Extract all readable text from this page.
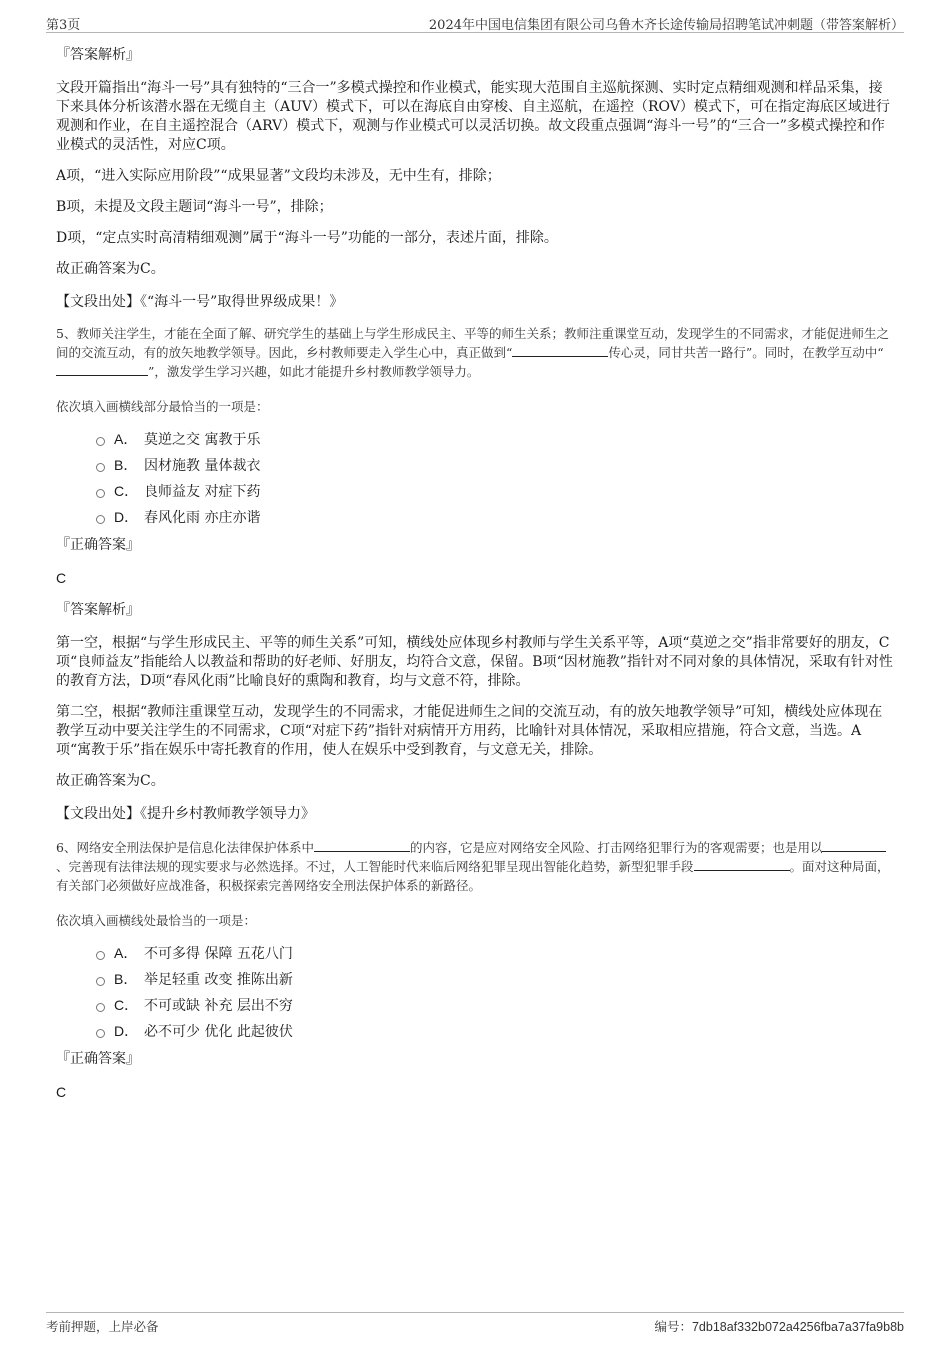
第3页	2024年中国电信集团有限公司乌鲁木齐长途传输局招聘笔试冲刺题（带答案解析）

『答案解析』

文段开篇指出“海斗一号”具有独特的“三合一”多模式操控和作业模式，能实现大范围自主巡航探测、实时定点精细观测和样品采集，接下来具体分析该潜水器在无缆自主（AUV）模式下，可以在海底自由穿梭、自主巡航，在遥控（ROV）模式下，可在指定海底区域进行观测和作业，在自主遥控混合（ARV）模式下，观测与作业模式可以灵活切换。故文段重点强调“海斗一号”的“三合一”多模式操控和作业模式的灵活性，对应C项。

A项，“进入实际应用阶段”“成果显著”文段均未涉及，无中生有，排除；

B项，未提及文段主题词“海斗一号”，排除；

D项，“定点实时高清精细观测”属于“海斗一号”功能的一部分，表述片面，排除。

故正确答案为C。

【文段出处】《“海斗一号”取得世界级成果！》

5、教师关注学生，才能在全面了解、研究学生的基础上与学生形成民主、平等的师生关系；教师注重课堂互动，发现学生的不同需求，才能促进师生之间的交流互动，有的放矢地教学领导。因此，乡村教师要走入学生心中，真正做到“	传心灵，同甘共苦一路行”。同时，在教学互动中“”，激发学生学习兴趣，如此才能提升乡村教师教学领导力。

依次填入画横线部分最恰当的一项是：

A． 莫逆之交 寓教于乐
B． 因材施教 量体裁衣
C． 良师益友 对症下药
D． 春风化雨 亦庄亦谐

『正确答案』

C

『答案解析』

第一空，根据“与学生形成民主、平等的师生关系”可知，横线处应体现乡村教师与学生关系平等，A项“莫逆之交”指非常要好的朋友，C项“良师益友”指能给人以教益和帮助的好老师、好朋友，均符合文意，保留。B项“因材施教”指针对不同对象的具体情况，采取有针对性的教育方法，D项“春风化雨”比喻良好的熏陶和教育，均与文意不符，排除。

第二空，根据“教师注重课堂互动，发现学生的不同需求，才能促进师生之间的交流互动，有的放矢地教学领导”可知，横线处应体现在教学互动中要关注学生的不同需求，C项“对症下药”指针对病情开方用药，比喻针对具体情况，采取相应措施，符合文意，当选。A项“寓教于乐”指在娱乐中寄托教育的作用，使人在娱乐中受到教育，与文意无关，排除。

故正确答案为C。

【文段出处】《提升乡村教师教学领导力》

6、网络安全刑法保护是信息化法律保护体系中	的内容，它是应对网络安全风险、打击网络犯罪行为的客观需要；也是用以、完善现有法律法规的现实要求与必然选择。不过，人工智能时代来临后网络犯罪呈现出智能化趋势，新型犯罪手段	。面对这种局面，有关部门必须做好应战准备，积极探索完善网络安全刑法保护体系的新路径。

依次填入画横线处最恰当的一项是：

A． 不可多得 保障 五花八门
B． 举足轻重 改变 推陈出新
C． 不可或缺 补充 层出不穷
D． 必不可少 优化 此起彼伏

『正确答案』

C

考前押题，上岸必备	编号：7db18af332b072a4256fba7a37fa9b8b
